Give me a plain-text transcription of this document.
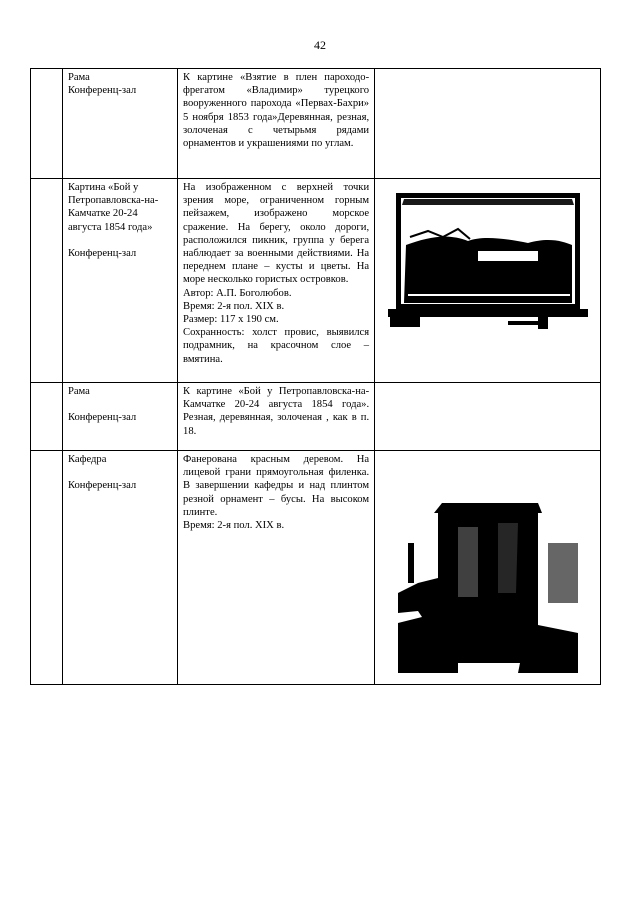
42

	Рама
Конференц-зал	К картине «Взятие в плен пароходо-фрегатом «Владимир» турецкого вооруженного парохода «Первах-Бахри» 5 ноября 1853 года»Деревянная, резная, золоченая с четырьмя рядами орнаментов и украшениями по углам.	

	Картина «Бой у Петропавловска-на-Камчатке 20-24 августа 1854 года»
Конференц-зал	На изображенном с верхней точки зрения море, ограниченном горным пейзажем, изображено морское сражение. На берегу, около дороги, расположился пикник, группа у берега наблюдает за военными действиями. На переднем плане – кусты и цветы. На море несколько гористых островков.
Автор: А.П. Боголюбов.
Время: 2-я пол. XIX в.
Размер: 117 х 190 см.
Сохранность: холст провис, выявился подрамник, на красочном слое – вмятина.

	Рама
Конференц-зал	К картине «Бой у Петропавловска-на-Камчатке 20-24 августа 1854 года». Резная, деревянная, золоченая , как в п. 18.	

	Кафедра
Конференц-зал	Фанерована красным деревом. На лицевой грани прямоугольная филенка. В завершении кафедры и над плинтом резной орнамент – бусы. На высоком плинте.
Время: 2-я пол. XIX в.
